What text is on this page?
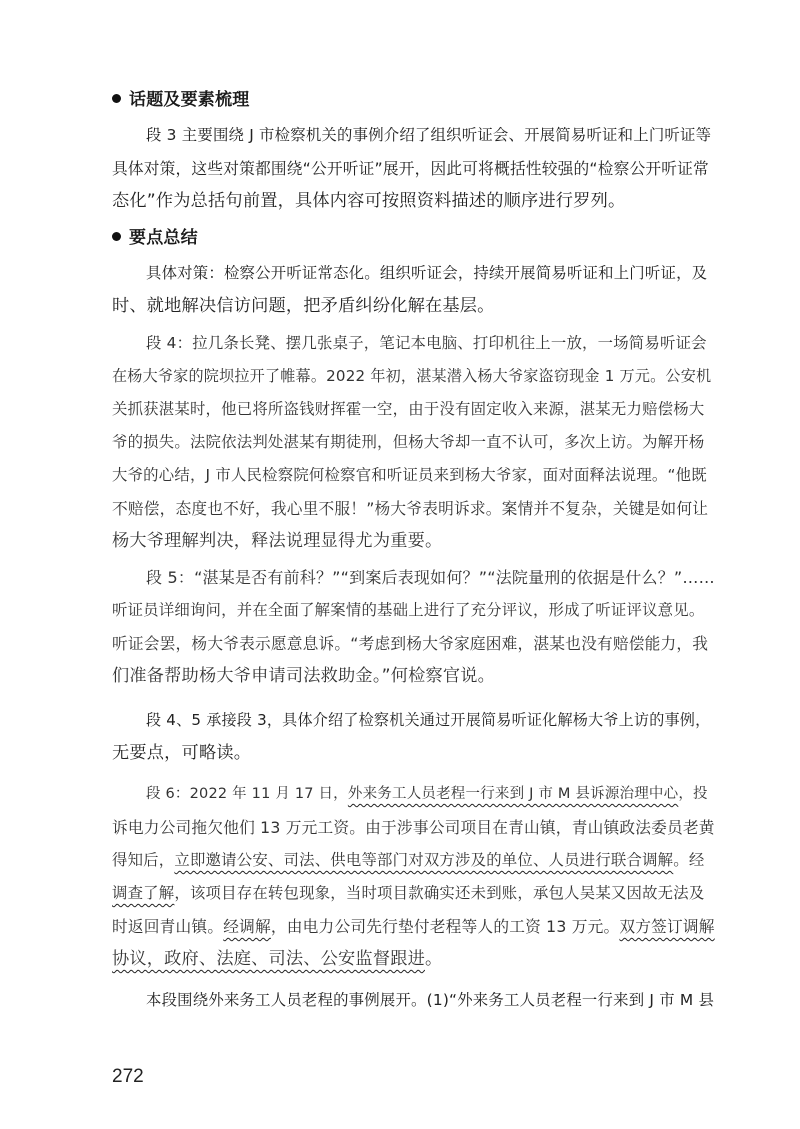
话题及要素梳理
段 3 主要围绕 J 市检察机关的事例介绍了组织听证会、开展简易听证和上门听证等
具体对策，这些对策都围绕“公开听证”展开，因此可将概括性较强的“检察公开听证常
态化”作为总括句前置，具体内容可按照资料描述的顺序进行罗列。
要点总结
具体对策：检察公开听证常态化。组织听证会，持续开展简易听证和上门听证，及
时、就地解决信访问题，把矛盾纠纷化解在基层。
段 4：拉几条长凳、摆几张桌子，笔记本电脑、打印机往上一放，一场简易听证会
在杨大爷家的院坝拉开了帷幕。2022 年初，湛某潜入杨大爷家盗窃现金 1 万元。公安机
关抓获湛某时，他已将所盗钱财挥霍一空，由于没有固定收入来源，湛某无力赔偿杨大
爷的损失。法院依法判处湛某有期徒刑，但杨大爷却一直不认可，多次上访。为解开杨
大爷的心结，J 市人民检察院何检察官和听证员来到杨大爷家，面对面释法说理。“他既
不赔偿，态度也不好，我心里不服！”杨大爷表明诉求。案情并不复杂，关键是如何让
杨大爷理解判决，释法说理显得尤为重要。
段 5：“湛某是否有前科？”“到案后表现如何？”“法院量刑的依据是什么？”……
听证员详细询问，并在全面了解案情的基础上进行了充分评议，形成了听证评议意见。
听证会罢，杨大爷表示愿意息诉。“考虑到杨大爷家庭困难，湛某也没有赔偿能力，我
们准备帮助杨大爷申请司法救助金。”何检察官说。
段 4、5 承接段 3，具体介绍了检察机关通过开展简易听证化解杨大爷上访的事例，
无要点，可略读。
段 6：2022 年 11 月 17 日，外来务工人员老程一行来到 J 市 M 县诉源治理中心，投
诉电力公司拖欠他们 13 万元工资。由于涉事公司项目在青山镇，青山镇政法委员老黄
得知后，立即邀请公安、司法、供电等部门对双方涉及的单位、人员进行联合调解。经
调查了解，该项目存在转包现象，当时项目款确实还未到账，承包人吴某又因故无法及
时返回青山镇。经调解，由电力公司先行垫付老程等人的工资 13 万元。双方签订调解
协议，政府、法庭、司法、公安监督跟进。
本段围绕外来务工人员老程的事例展开。(1)“外来务工人员老程一行来到 J 市 M 县
272
